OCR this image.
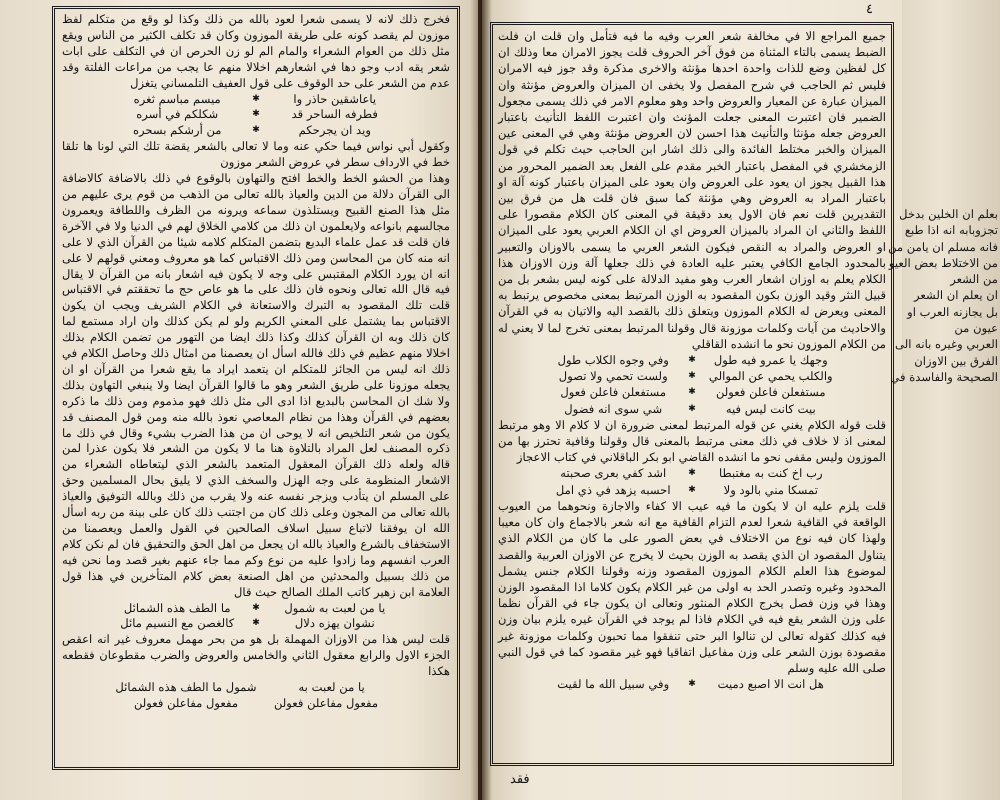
فخرج ذلك لانه لا يسمى شعرا لعود بالله من ذلك وكذا لو وقع من متكلم لفظ موزون لم يقصد كونه على طريقة الموزون وكان قد تكلف الكثير من الناس ويقع مثل ذلك من العوام الشعراء والمام الم لو زن الحرص ان في التكلف على ابات شعر يقه ادب وجو دها في اشعارهم اخلالا منهم عا يجب من مراعات الفلتة وقد عدم من الشعر على حد الوقوف على قول العفيف التلمساني يتغزل

ياعاشقين حاذر وا
✱
ميسم مباسم ثغره
فطرفه الساحر قد
✱
شكلكم في أسره
ويد ان يجرحكم
✱
من أرشكم بسحره

وكقول أبي نواس فيما حكي عنه وما لا تعالى بالشعر يقضة تلك التي لونا ها تلقا خط في الارداف سطر في عروض الشعر موزون

وهذا من الحشو الخط والخط افتح والتهاون بالوقوع في ذلك بالاضافة كالاضافة الى القرآن دلالة من الدين والعياذ بالله تعالى من الذهب من قوم يرى عليهم من مثل هذا الصنع القبيح ويستلذون سماعه ويرونه من الظرف واللطافة ويعمرون مجالسهم بانواعه ولايعلمون ان ذلك من كلامي الخلاق لهم في الدنيا ولا في الآخرة فان قلت قد عمل علماء البديع بتضمن المتكلم كلامه شيئا من القرآن الذي لا على انه منه كان من المحاسن ومن ذلك الاقتباس كما هو معروف ومعني قولهم لا على انه ان يورد الكلام المقتبس على وجه لا يكون فيه اشعار بانه من القرآن لا يقال فيه قال الله تعالى ونحوه فان ذلك على ما هو عاص حج ما تحققتم في الاقتباس قلت تلك المقصود به التبرك والاستعانة في الكلام الشريف ويجب ان يكون الاقتباس بما يشتمل على المعني الكريم ولو لم يكن كذلك وان اراد مستمع لما كان ذلك وبه ان القرآن كذلك وكذا ذلك ايضا من التهور من تضمن الكلام بذلك اخلالا منهم عظيم في ذلك فالله اسأل ان يعصمنا من امثال ذلك وحاصل الكلام في ذلك انه ليس من الجائز للمتكلم ان يتعمد ايراد ما يقع شعرا من القرآن او ان يجعله موزونا على طريق الشعر وهو ما قالوا القرآن ايضا ولا ينبغي التهاون بذلك ولا شك ان المحاسن بالبديع اذا ادى الى مثل ذلك فهو مذموم ومن ذلك ما ذكره بعضهم في القرآن وهذا من نظام المعاصي نعوذ بالله منه ومن قول المصنف قد يكون من شعر التلخيص انه لا يوحى ان من هذا الضرب بشيء وقال في ذلك ما ذكره المصنف لعل المراد بالتلاوة هنا ما لا يكون من الشعر فلا يكون عذرا لمن قاله ولعله ذلك القرآن المعقول المتعمد بالشعر الذي ليتعاطاه الشعراء من الاشعار المنظومة على وجه الهزل والسخف الذي لا يليق بحال المسلمين وحق على المسلم ان يتأدب ويزجر نفسه عنه ولا يقرب من ذلك وبالله التوفيق والعياذ بالله تعالى من المجون وعلى ذلك كان من اجتنب ذلك كان على بينة من ربه اسأل الله ان يوفقنا لاتباع سبيل اسلاف الصالحين في القول والعمل ويعصمنا من الاستخفاف بالشرع والعياذ بالله ان يجعل من اهل الحق والتحقيق فان لم نكن كلام العرب انفسهم وما زادوا عليه من نوع وكم مما جاء عنهم بغير قصد وما نحن فيه من ذلك بسبيل والمحدثين من اهل الصنعة بعض كلام المتأخرين في هذا قول العلامة ابن زهير كاتب الملك الصالح حيث قال

يا من لعبت به شمول
✱
ما الطف هذه الشمائل
نشوان يهزه دلال
✱
كالغصن مع النسيم مائل

قلت ليس هذا من الاوزان المهملة بل هو من بحر مهمل معروف غير انه اعقص الجزء الاول والرابع معقول الثاني والخامس والعروض والضرب مقطوعان فقطعه هكذا

يا من لعبت به
شمول ما الطف هذه الشمائل
مفعول مفاعلن فعولن
مفعول مفاعلن فعولن
٤

جميع المراجع الا في مخالفة شعر العرب وفيه ما فيه فتأمل وان قلت ان فلت الضبط يسمى بالتاء المثناة من فوق آخر الحروف قلت يجوز الامران معا وذلك ان كل لفظين وضع للذات واحدة احدها مؤنثة والاخرى مذكرة وقد جوز فيه الامران فليس ثم الحاجب في شرح المفصل ولا يخفى ان الميزان والعروض مؤنثة وان الميزان عبارة عن المعيار والعروض واحد وهو معلوم الامر في ذلك يسمى مجعول الضمير فان اعتبرت المعنى جعلت المؤنث وان اعتبرت اللفظ التأنيث باعتبار العروض جعله مؤنثا والتأنيث هذا احسن لان العروض مؤنثة وهي في المعنى عين الميزان والخبر مختلط الفائدة والى ذلك اشار ابن الحاجب حيث تكلم في قول الزمخشري في المفصل باعتبار الخبر مقدم على الفعل بعد الضمير المحرور من هذا القبيل يجوز ان يعود على العروض وان يعود على الميزان باعتبار كونه آلة او باعتبار المراد به العروض وهي مؤنثة كما سبق فان قلت هل من فرق بين التقديرين قلت نعم فان الاول يعد دقيقة في المعنى كان الكلام مقصورا على اللفظ والثاني ان المراد بالميزان العروض اي ان الكلام العربي يعود على الميزان او العروض والمراد به النقص فيكون الشعر العربي ما يسمى بالاوزان والتعبير بالمحدود الجامع الكافي يعتبر عليه العادة في ذلك جعلها آلة وزن الاوزان هذا الكلام يعلم به اوزان اشعار العرب وهو مفيد الدلالة على كونه ليس بشعر بل من قبيل النثر وقيد الوزن بكون المقصود به الوزن المرتبط بمعنى مخصوص يرتبط به المعنى ويعرض له الكلام الموزون ويتعلق ذلك بالقصد اليه والاتيان به في القرآن والاحاديث من آيات وكلمات موزونة قال وقولنا المرتبط بمعنى تخرج لما لا يعني له من الكلام الموزون نحو ما انشده القاقلي

وجهك يا عمرو فيه طول
✱
وفي وجوه الكلاب طول
والكلب يحمي عن الموالي
✱
ولست تحمي ولا تصول
مستفعلن فاعلن فعولن
✱
مستفعلن فاعلن فعول
بيت كانت ليس فيه
✱
شي سوى انه فضول

قلت قوله الكلام يغني عن قوله المرتبط لمعنى ضرورة ان لا كلام الا وهو مرتبط لمعنى اذ لا خلاف في ذلك معنى مرتبط بالمعنى قال وقولنا وقافية تحترز بها من الموزون وليس مقفى نحو ما انشده القاضي ابو بكر الباقلاني في كتاب الاعجاز

رب اخ كنت به مغتبطا
✱
اشد كفي بعرى صحبته
تمسكا مني بالود ولا
✱
احسبه يزهد في ذي امل

قلت يلزم عليه ان لا يكون ما فيه عيب الا كفاء والاجازة ونحوهما من العيوب الواقعة في القافية شعرا لعدم التزام القافية مع انه شعر بالاجماع وان كان معيبا ولهذا كان فيه نوع من الاختلاف في بعض الصور على ما كان من الكلام الذي يتناول المقصود ان الذي يقصد به الوزن بحيث لا يخرج عن الاوزان العربية والقصد لموضوع هذا العلم الكلام الموزون المقصود وزنه وقولنا الكلام جنس يشمل المحدود وغيره وتصدر الحد به اولى من غير الكلام يكون كلاما اذا المقصود الوزن وهذا في وزن فصل يخرج الكلام المنثور وتعالى ان يكون جاء في القرآن نظما على وزن الشعر يقع فيه في الكلام فاذا لم يوجد في القرآن غيره يلزم بيان وزن فيه كذلك كقوله تعالى لن تنالوا البر حتى تنفقوا مما تحبون وكلمات موزونة غير مقصودة بوزن الشعر على وزن مفاعيل اتفاقيا فهو غير مقصود كما في قول النبي صلى الله عليه وسلم

هل انت الا اصبع دميت
✱
وفي سبيل الله ما لقيت
فقد
بعلم ان الخلين بدخل
تجزوبابه انه اذا طبع
فانه مسلم ان يامن من
من الاختلاط بعض العيو
من الشعر
ان يعلم ان الشعر
بل يجازنه العرب او
عيون من
العربي وغيره بانه الى
الفرق بين الاوزان
الصحيحة والفاسدة في
